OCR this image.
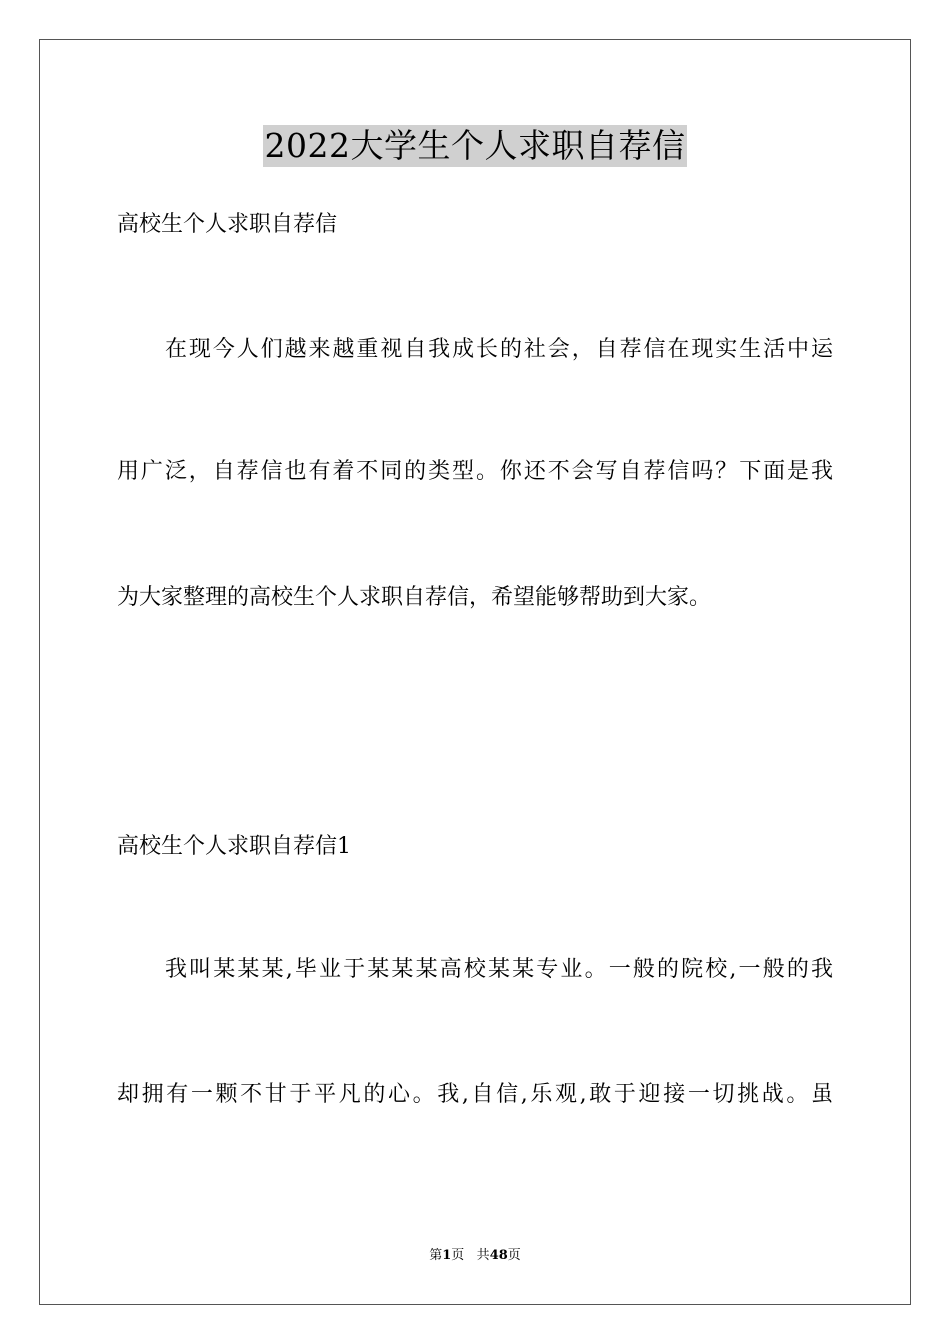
2022大学生个人求职自荐信
高校生个人求职自荐信
在现今人们越来越重视自我成长的社会，自荐信在现实生活中运
用广泛，自荐信也有着不同的类型。你还不会写自荐信吗？下面是我
为大家整理的高校生个人求职自荐信，希望能够帮助到大家。
高校生个人求职自荐信1
我叫某某某,毕业于某某某高校某某专业。一般的院校,一般的我
却拥有一颗不甘于平凡的心。我,自信,乐观,敢于迎接一切挑战。虽
第1页 共48页
